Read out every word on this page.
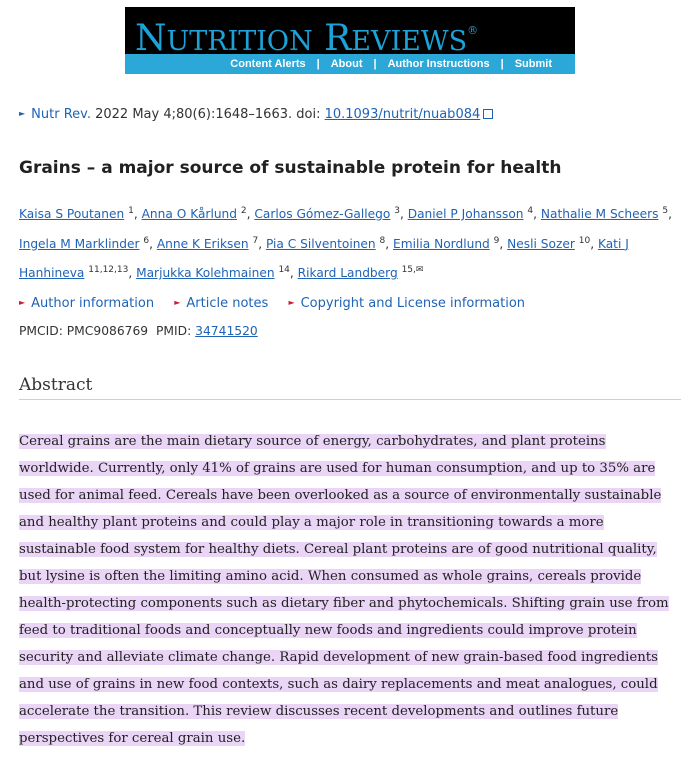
NUTRITION REVIEWS®
Content Alerts	|	About	|	Author Instructions	|	Submit
► Nutr Rev. 2022 May 4;80(6):1648–1663. doi: 10.1093/nutrit/nuab084
Grains – a major source of sustainable protein for health
Kaisa S Poutanen $^1$, Anna O Kårlund $^2$, Carlos Gómez-Gallego $^3$, Daniel P Johansson $^4$, Nathalie M Scheers $^5$, Ingela M Marklinder $^6$, Anne K Eriksen $^7$, Pia C Silventoinen $^8$, Emilia Nordlund $^9$, Nesli Sozer $^{10}$, Kati J Hanhineva $^{11,12,13}$, Marjukka Kolehmainen $^{14}$, Rikard Landberg $^{15,✉}$
► Author information	► Article notes	► Copyright and License information
PMCID: PMC9086769 PMID: 34741520
Abstract

Cereal grains are the main dietary source of energy, carbohydrates, and plant proteins worldwide. Currently, only 41% of grains are used for human consumption, and up to 35% are used for animal feed. Cereals have been overlooked as a source of environmentally sustainable and healthy plant proteins and could play a major role in transitioning towards a more sustainable food system for healthy diets. Cereal plant proteins are of good nutritional quality, but lysine is often the limiting amino acid. When consumed as whole grains, cereals provide health-protecting components such as dietary fiber and phytochemicals. Shifting grain use from feed to traditional foods and conceptually new foods and ingredients could improve protein security and alleviate climate change. Rapid development of new grain-based food ingredients and use of grains in new food contexts, such as dairy replacements and meat analogues, could accelerate the transition. This review discusses recent developments and outlines future perspectives for cereal grain use.
